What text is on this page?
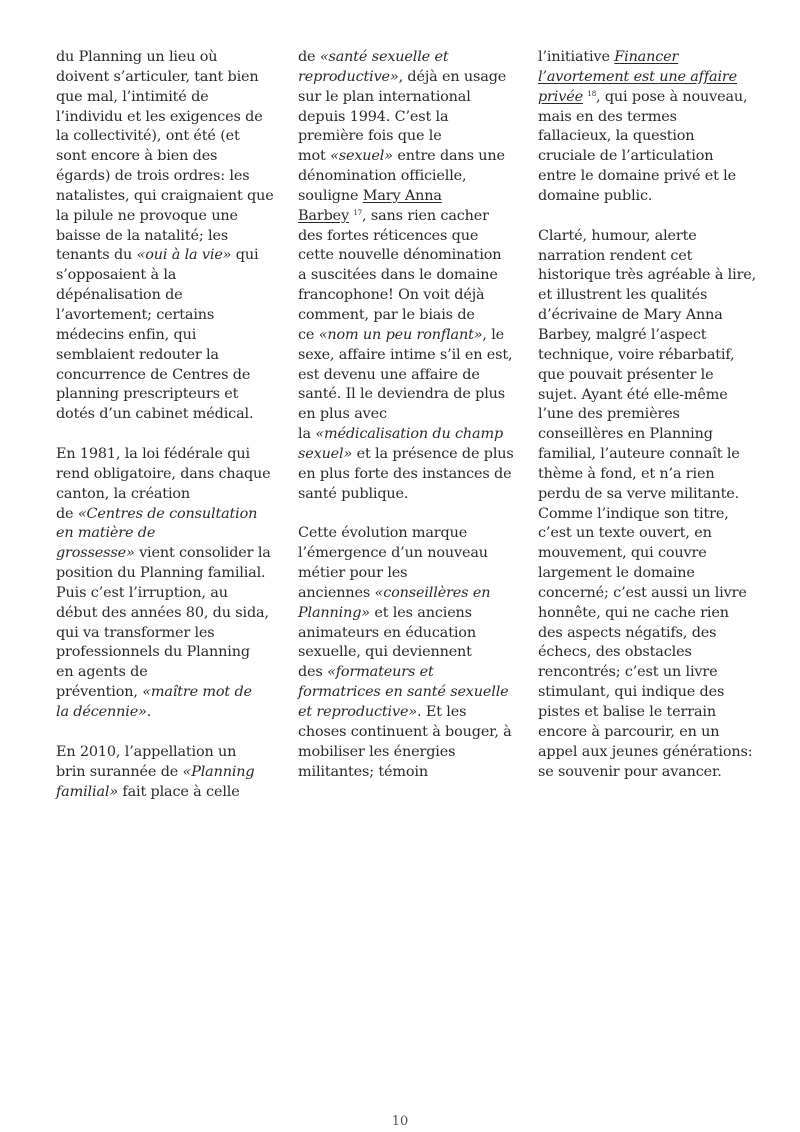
du Planning un lieu où
doivent s’articuler, tant bien
que mal, l’intimité de
l’individu et les exigences de
la collectivité), ont été (et
sont encore à bien des
égards) de trois ordres: les
natalistes, qui craignaient que
la pilule ne provoque une
baisse de la natalité; les
tenants du «oui à la vie» qui
s’opposaient à la
dépénalisation de
l’avortement; certains
médecins enfin, qui
semblaient redouter la
concurrence de Centres de
planning prescripteurs et
dotés d’un cabinet médical.

En 1981, la loi fédérale qui
rend obligatoire, dans chaque
canton, la création
de «Centres de consultation
en matière de
grossesse» vient consolider la
position du Planning familial.
Puis c’est l’irruption, au
début des années 80, du sida,
qui va transformer les
professionnels du Planning
en agents de
prévention, «maître mot de
la décennie».

En 2010, l’appellation un
brin surannée de «Planning
familial» fait place à celle

de «santé sexuelle et
reproductive», déjà en usage
sur le plan international
depuis 1994. C’est la
première fois que le
mot «sexuel» entre dans une
dénomination officielle,
souligne Mary Anna
Barbey $^{17}$, sans rien cacher
des fortes réticences que
cette nouvelle dénomination
a suscitées dans le domaine
francophone! On voit déjà
comment, par le biais de
ce «nom un peu ronflant», le
sexe, affaire intime s’il en est,
est devenu une affaire de
santé. Il le deviendra de plus
en plus avec
la «médicalisation du champ
sexuel» et la présence de plus
en plus forte des instances de
santé publique.

Cette évolution marque
l’émergence d’un nouveau
métier pour les
anciennes «conseillères en
Planning» et les anciens
animateurs en éducation
sexuelle, qui deviennent
des «formateurs et
formatrices en santé sexuelle
et reproductive». Et les
choses continuent à bouger, à
mobiliser les énergies
militantes; témoin

l’initiative Financer
l’avortement est une affaire
privée $^{18}$, qui pose à nouveau,
mais en des termes
fallacieux, la question
cruciale de l’articulation
entre le domaine privé et le
domaine public.

Clarté, humour, alerte
narration rendent cet
historique très agréable à lire,
et illustrent les qualités
d’écrivaine de Mary Anna
Barbey, malgré l’aspect
technique, voire rébarbatif,
que pouvait présenter le
sujet. Ayant été elle-même
l’une des premières
conseillères en Planning
familial, l’auteure connaît le
thème à fond, et n’a rien
perdu de sa verve militante.
Comme l’indique son titre,
c’est un texte ouvert, en
mouvement, qui couvre
largement le domaine
concerné; c’est aussi un livre
honnête, qui ne cache rien
des aspects négatifs, des
échecs, des obstacles
rencontrés; c’est un livre
stimulant, qui indique des
pistes et balise le terrain
encore à parcourir, en un
appel aux jeunes générations:
se souvenir pour avancer.

10
